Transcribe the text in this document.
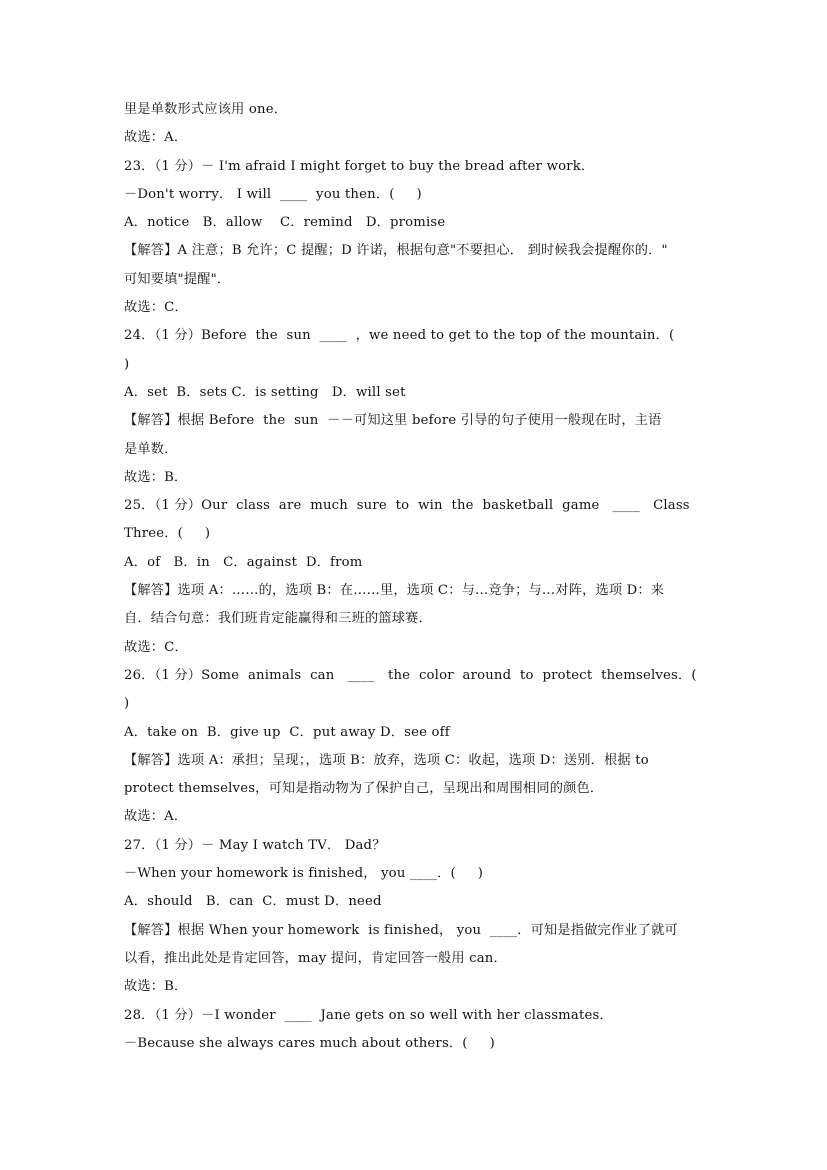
里是单数形式应该用 one．
故选：A．
23．（1 分）－ I'm afraid I might forget to buy the bread after work．
－Don't worry． I will  ____  you then．(     )
A．notice   B．allow    C．remind   D．promise
【解答】A 注意；B 允许；C 提醒；D 许诺，根据句意"不要担心． 到时候我会提醒你的．"
可知要填"提醒"．
故选：C．
24．（1 分）Before  the  sun  ____  ，we need to get to the top of the mountain．(
)
A．set  B．sets C．is setting   D．will set
【解答】根据 Before  the  sun  －－可知这里 before 引导的句子使用一般现在时，主语
是单数．
故选：B．
25．（1 分）Our  class  are  much  sure  to  win  the  basketball  game   ____   Class
Three．(     )
A．of   B．in   C．against  D．from
【解答】选项 A：……的，选项 B：在……里，选项 C：与…竞争；与…对阵，选项 D：来
自．结合句意：我们班肯定能赢得和三班的篮球赛．
故选：C．
26．（1 分）Some  animals  can   ____   the  color  around  to  protect  themselves．(
)
A．take on  B．give up  C．put away D．see off
【解答】选项 A：承担；呈现；，选项 B：放弃，选项 C：收起，选项 D：送别．根据 to
protect themselves，可知是指动物为了保护自己，呈现出和周围相同的颜色．
故选：A．
27．（1 分）－ May I watch TV． Dad？
－When your homework is finished， you ____．(     )
A．should   B．can  C．must D．need
【解答】根据 When your homework  is finished， you  ____．可知是指做完作业了就可
以看，推出此处是肯定回答，may 提问，肯定回答一般用 can．
故选：B．
28．（1 分）－I wonder  ____  Jane gets on so well with her classmates．
－Because she always cares much about others．(     )
